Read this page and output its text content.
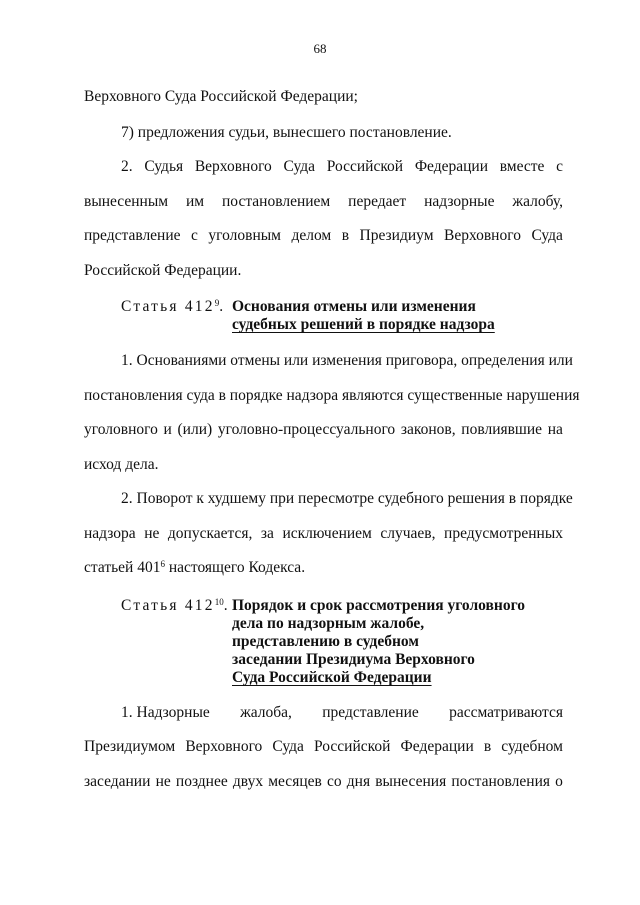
68
Верховного Суда Российской Федерации;
7) предложения судьи, вынесшего постановление.
2. Судья Верховного Суда Российской Федерации вместе с
вынесенным им постановлением передает надзорные жалобу,
представление с уголовным делом в Президиум Верховного Суда
Российской Федерации.
Статья $412^9$. Основания отмены или изменения
судебных решений в порядке надзора
1. Основаниями отмены или изменения приговора, определения или
постановления суда в порядке надзора являются существенные нарушения
уголовного и (или) уголовно-процессуального законов, повлиявшие на
исход дела.
2. Поворот к худшему при пересмотре судебного решения в порядке
надзора не допускается, за исключением случаев, предусмотренных
статьей $401^6$ настоящего Кодекса.
Статья $412^{10}$. Порядок и срок рассмотрения уголовного
дела по надзорным жалобе,
представлению в судебном
заседании Президиума Верховного
Суда Российской Федерации
1. Надзорные жалоба, представление рассматриваются
Президиумом Верховного Суда Российской Федерации в судебном
заседании не позднее двух месяцев со дня вынесения постановления о
